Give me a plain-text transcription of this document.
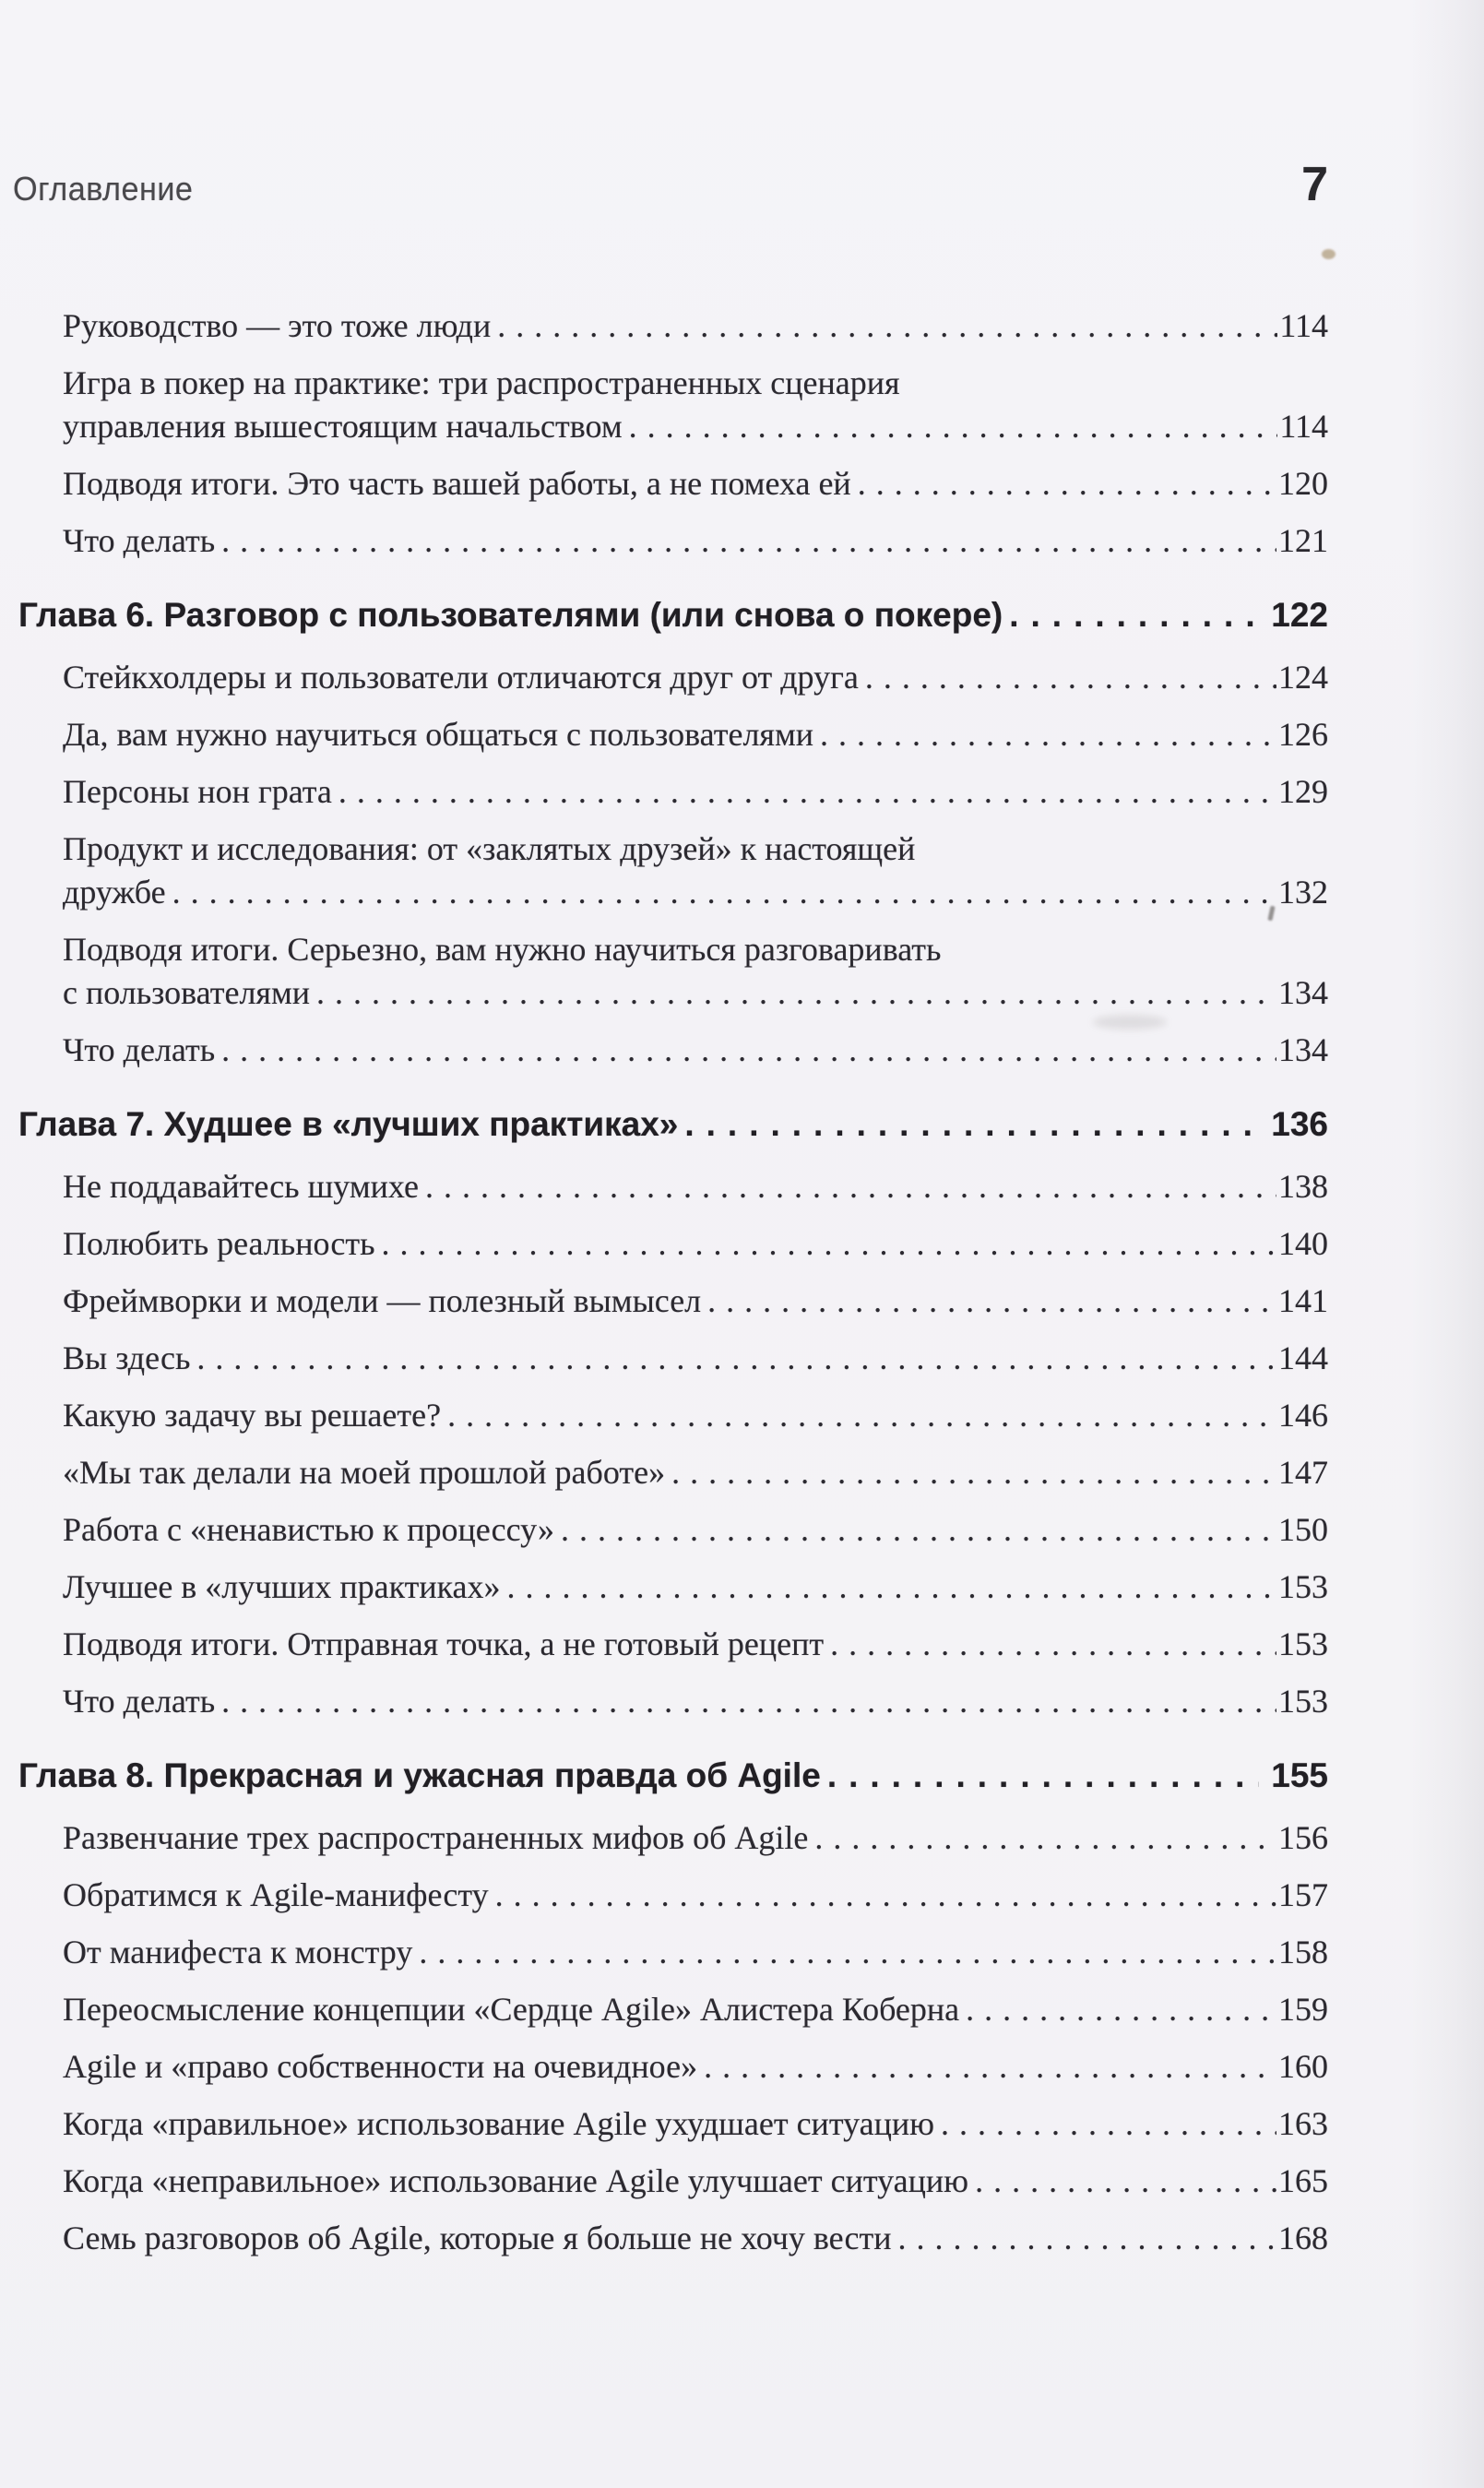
Оглавление	7
Руководство — это тоже люди .....	114
Игра в покер на практике: три распространенных сценария
управления вышестоящим начальством .....	114
Подводя итоги. Это часть вашей работы, а не помеха ей .....	120
Что делать .....	121
Глава 6. Разговор с пользователями (или снова о покере) .....	122
Стейкхолдеры и пользователи отличаются друг от друга .....	124
Да, вам нужно научиться общаться с пользователями .....	126
Персоны нон грата .....	129
Продукт и исследования: от «заклятых друзей» к настоящей
дружбе .....	132
Подводя итоги. Серьезно, вам нужно научиться разговаривать
с пользователями .....	134
Что делать .....	134
Глава 7. Худшее в «лучших практиках» .....	136
Не поддавайтесь шумихе .....	138
Полюбить реальность .....	140
Фреймворки и модели — полезный вымысел .....	141
Вы здесь .....	144
Какую задачу вы решаете? .....	146
«Мы так делали на моей прошлой работе» .....	147
Работа с «ненавистью к процессу» .....	150
Лучшее в «лучших практиках» .....	153
Подводя итоги. Отправная точка, а не готовый рецепт .....	153
Что делать .....	153
Глава 8. Прекрасная и ужасная правда об Agile .....	155
Развенчание трех распространенных мифов об Agile .....	156
Обратимся к Agile-манифесту .....	157
От манифеста к монстру .....	158
Переосмысление концепции «Сердце Agile» Алистера Коберна .....	159
Agile и «право собственности на очевидное» .....	160
Когда «правильное» использование Agile ухудшает ситуацию .....	163
Когда «неправильное» использование Agile улучшает ситуацию .....	165
Семь разговоров об Agile, которые я больше не хочу вести .....	168
